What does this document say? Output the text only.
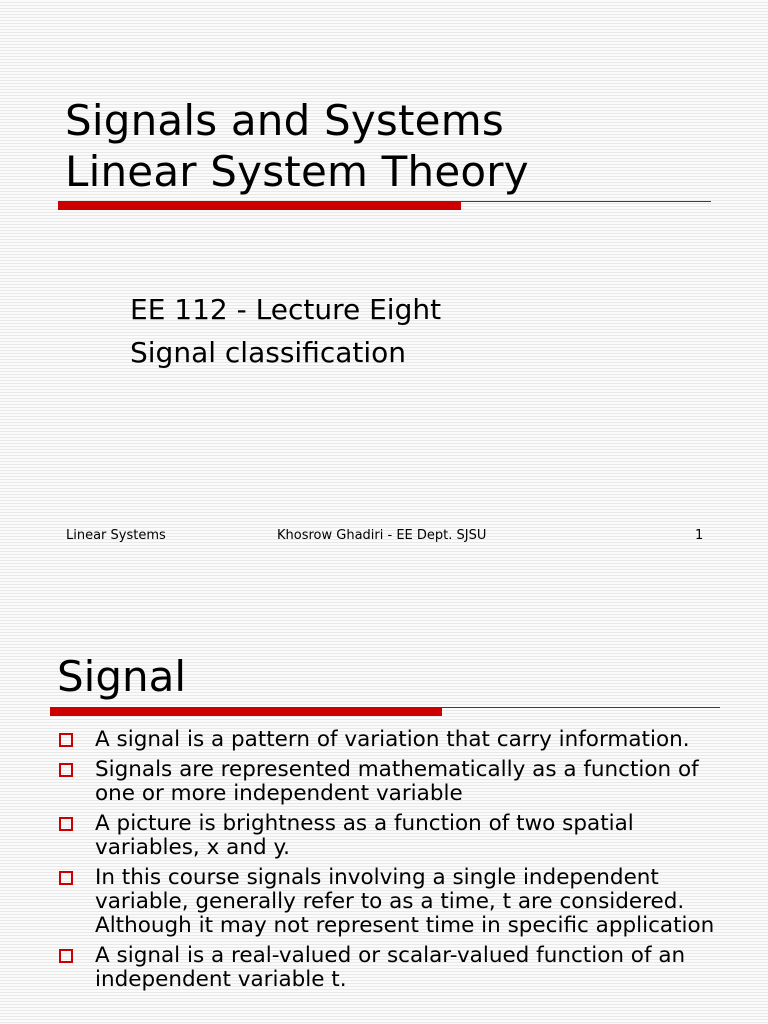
Signals and Systems
Linear System Theory
EE 112 - Lecture Eight
Signal classification
Linear Systems	Khosrow Ghadiri - EE Dept. SJSU	1
Signal
A signal is a pattern of variation that carry information.
Signals are represented mathematically as a function of one or more independent variable
A picture is brightness as a function of two spatial variables, x and y.
In this course signals involving a single independent variable, generally refer to as a time, t are considered. Although it may not represent time in specific application
A signal is a real-valued or scalar-valued function of an independent variable t.
